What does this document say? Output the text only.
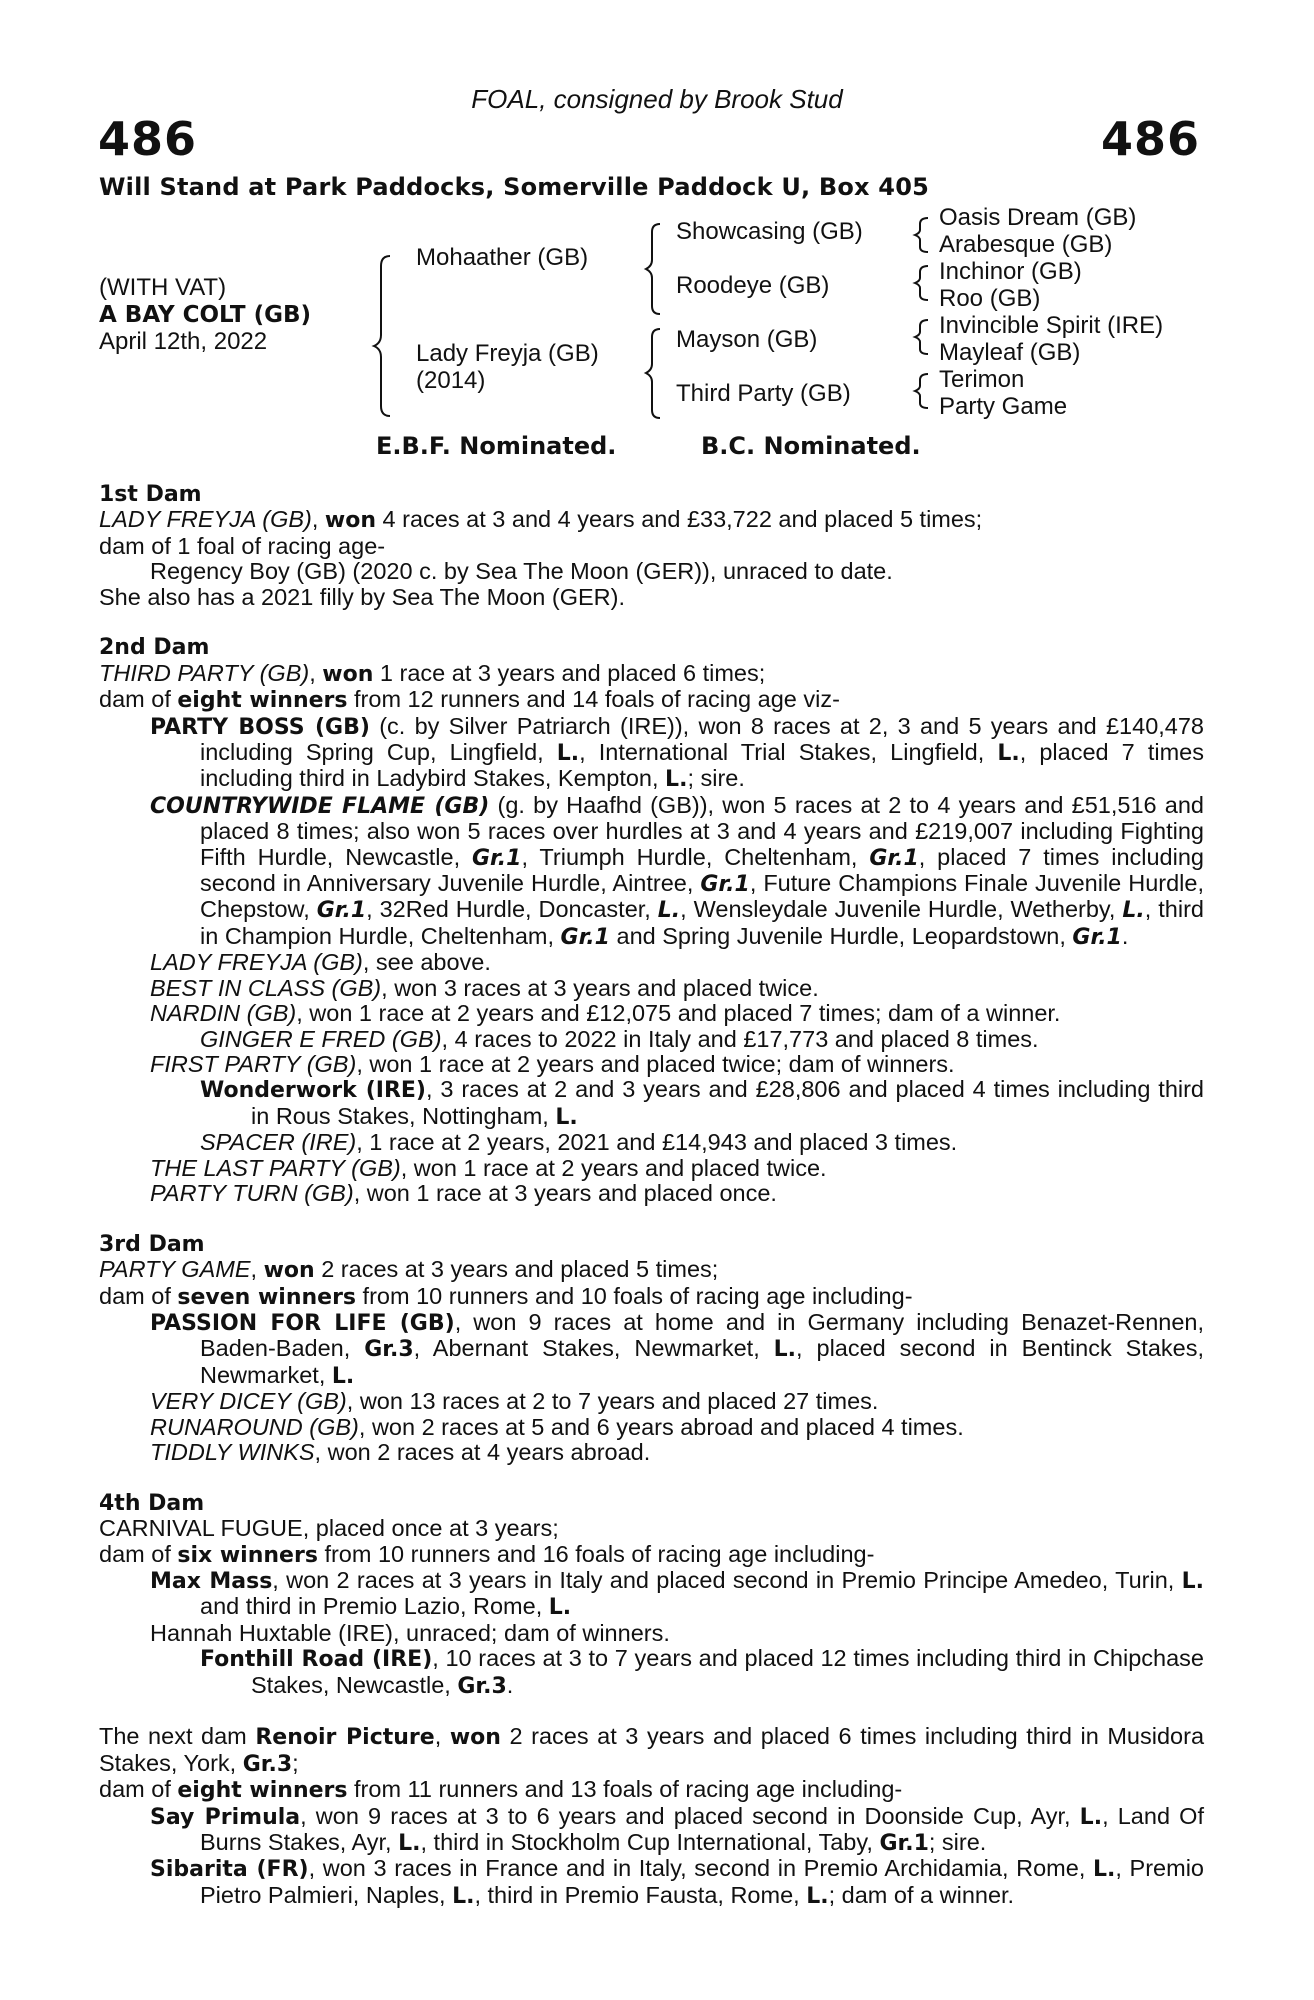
FOAL, consigned by Brook Stud
486	486
Will Stand at Park Paddocks, Somerville Paddock U, Box 405
(WITH VAT)
A BAY COLT (GB)
April 12th, 2022
Mohaather (GB)
Lady Freyja (GB)
(2014)
Showcasing (GB)
Roodeye (GB)
Mayson (GB)
Third Party (GB)
Oasis Dream (GB)
Arabesque (GB)
Inchinor (GB)
Roo (GB)
Invincible Spirit (IRE)
Mayleaf (GB)
Terimon
Party Game
E.B.F. Nominated.	B.C. Nominated.

1st Dam

LADY FREYJA (GB), won 4 races at 3 and 4 years and £33,722 and placed 5 times;

dam of 1 foal of racing age-

Regency Boy (GB) (2020 c. by Sea The Moon (GER)), unraced to date.

She also has a 2021 filly by Sea The Moon (GER).

2nd Dam

THIRD PARTY (GB), won 1 race at 3 years and placed 6 times;

dam of eight winners from 12 runners and 14 foals of racing age viz-

PARTY BOSS (GB) (c. by Silver Patriarch (IRE)), won 8 races at 2, 3 and 5 years and £140,478 including Spring Cup, Lingfield, L., International Trial Stakes, Lingfield, L., placed 7 times including third in Ladybird Stakes, Kempton, L.; sire.

COUNTRYWIDE FLAME (GB) (g. by Haafhd (GB)), won 5 races at 2 to 4 years and £51,516 and placed 8 times; also won 5 races over hurdles at 3 and 4 years and £219,007 including Fighting Fifth Hurdle, Newcastle, Gr.1, Triumph Hurdle, Cheltenham, Gr.1, placed 7 times including second in Anniversary Juvenile Hurdle, Aintree, Gr.1, Future Champions Finale Juvenile Hurdle, Chepstow, Gr.1, 32Red Hurdle, Doncaster, L., Wensleydale Juvenile Hurdle, Wetherby, L., third in Champion Hurdle, Cheltenham, Gr.1 and Spring Juvenile Hurdle, Leopardstown, Gr.1.

LADY FREYJA (GB), see above.

BEST IN CLASS (GB), won 3 races at 3 years and placed twice.

NARDIN (GB), won 1 race at 2 years and £12,075 and placed 7 times; dam of a winner.

GINGER E FRED (GB), 4 races to 2022 in Italy and £17,773 and placed 8 times.

FIRST PARTY (GB), won 1 race at 2 years and placed twice; dam of winners.

Wonderwork (IRE), 3 races at 2 and 3 years and £28,806 and placed 4 times including third in Rous Stakes, Nottingham, L.

SPACER (IRE), 1 race at 2 years, 2021 and £14,943 and placed 3 times.

THE LAST PARTY (GB), won 1 race at 2 years and placed twice.

PARTY TURN (GB), won 1 race at 3 years and placed once.

3rd Dam

PARTY GAME, won 2 races at 3 years and placed 5 times;

dam of seven winners from 10 runners and 10 foals of racing age including-

PASSION FOR LIFE (GB), won 9 races at home and in Germany including Benazet-Rennen, Baden-Baden, Gr.3, Abernant Stakes, Newmarket, L., placed second in Bentinck Stakes, Newmarket, L.

VERY DICEY (GB), won 13 races at 2 to 7 years and placed 27 times.

RUNAROUND (GB), won 2 races at 5 and 6 years abroad and placed 4 times.

TIDDLY WINKS, won 2 races at 4 years abroad.

4th Dam

CARNIVAL FUGUE, placed once at 3 years;

dam of six winners from 10 runners and 16 foals of racing age including-

Max Mass, won 2 races at 3 years in Italy and placed second in Premio Principe Amedeo, Turin, L. and third in Premio Lazio, Rome, L.

Hannah Huxtable (IRE), unraced; dam of winners.

Fonthill Road (IRE), 10 races at 3 to 7 years and placed 12 times including third in Chipchase Stakes, Newcastle, Gr.3.

The next dam Renoir Picture, won 2 races at 3 years and placed 6 times including third in Musidora Stakes, York, Gr.3;

dam of eight winners from 11 runners and 13 foals of racing age including-

Say Primula, won 9 races at 3 to 6 years and placed second in Doonside Cup, Ayr, L., Land Of Burns Stakes, Ayr, L., third in Stockholm Cup International, Taby, Gr.1; sire.

Sibarita (FR), won 3 races in France and in Italy, second in Premio Archidamia, Rome, L., Premio Pietro Palmieri, Naples, L., third in Premio Fausta, Rome, L.; dam of a winner.
